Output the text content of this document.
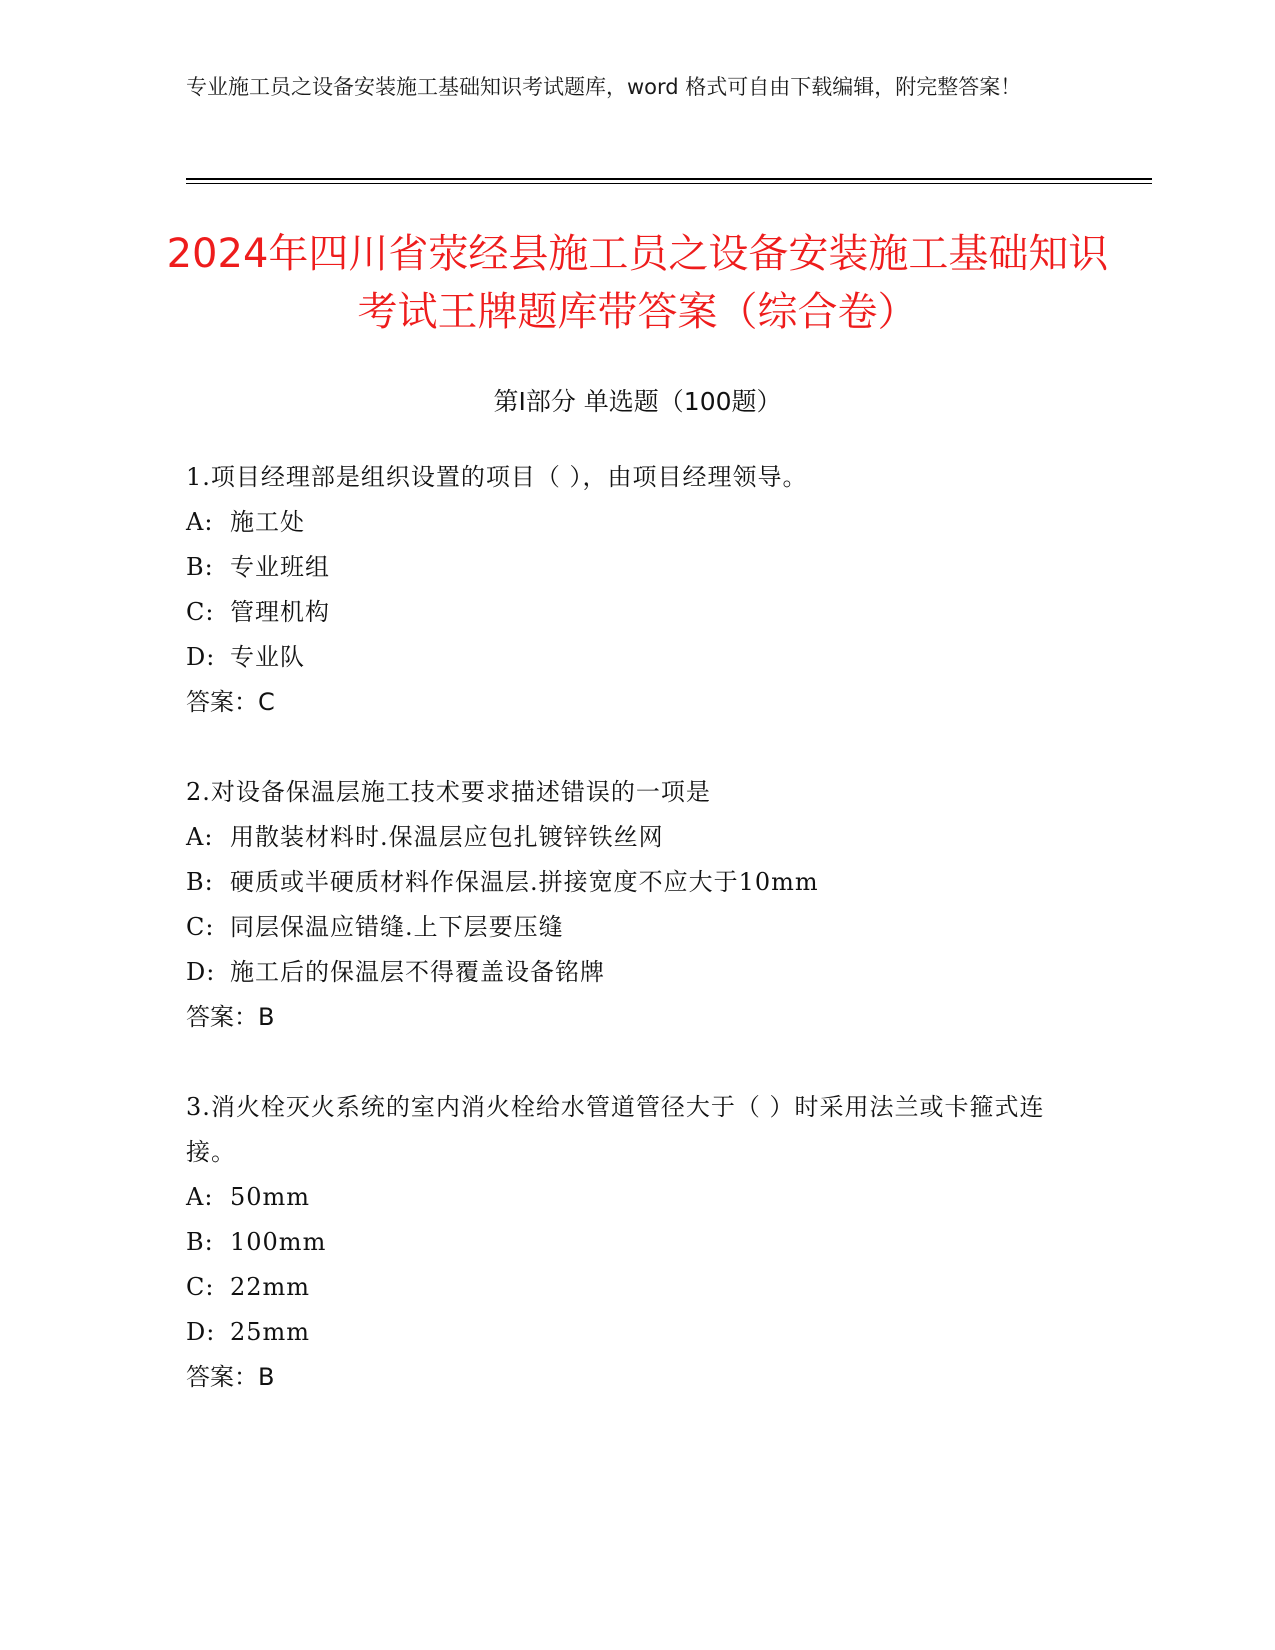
专业施工员之设备安装施工基础知识考试题库，word 格式可自由下载编辑，附完整答案！
2024年四川省荥经县施工员之设备安装施工基础知识考试王牌题库带答案（综合卷）
第Ⅰ部分 单选题（100题）

1.项目经理部是组织设置的项目（ ），由项目经理领导。

A: 施工处

B: 专业班组

C: 管理机构

D: 专业队

答案：C

2.对设备保温层施工技术要求描述错误的一项是

A: 用散装材料时.保温层应包扎镀锌铁丝网

B: 硬质或半硬质材料作保温层.拼接宽度不应大于10mm

C: 同层保温应错缝.上下层要压缝

D: 施工后的保温层不得覆盖设备铭牌

答案：B

3.消火栓灭火系统的室内消火栓给水管道管径大于（ ）时采用法兰或卡箍式连接。

A: 50mm

B: 100mm

C: 22mm

D: 25mm

答案：B
